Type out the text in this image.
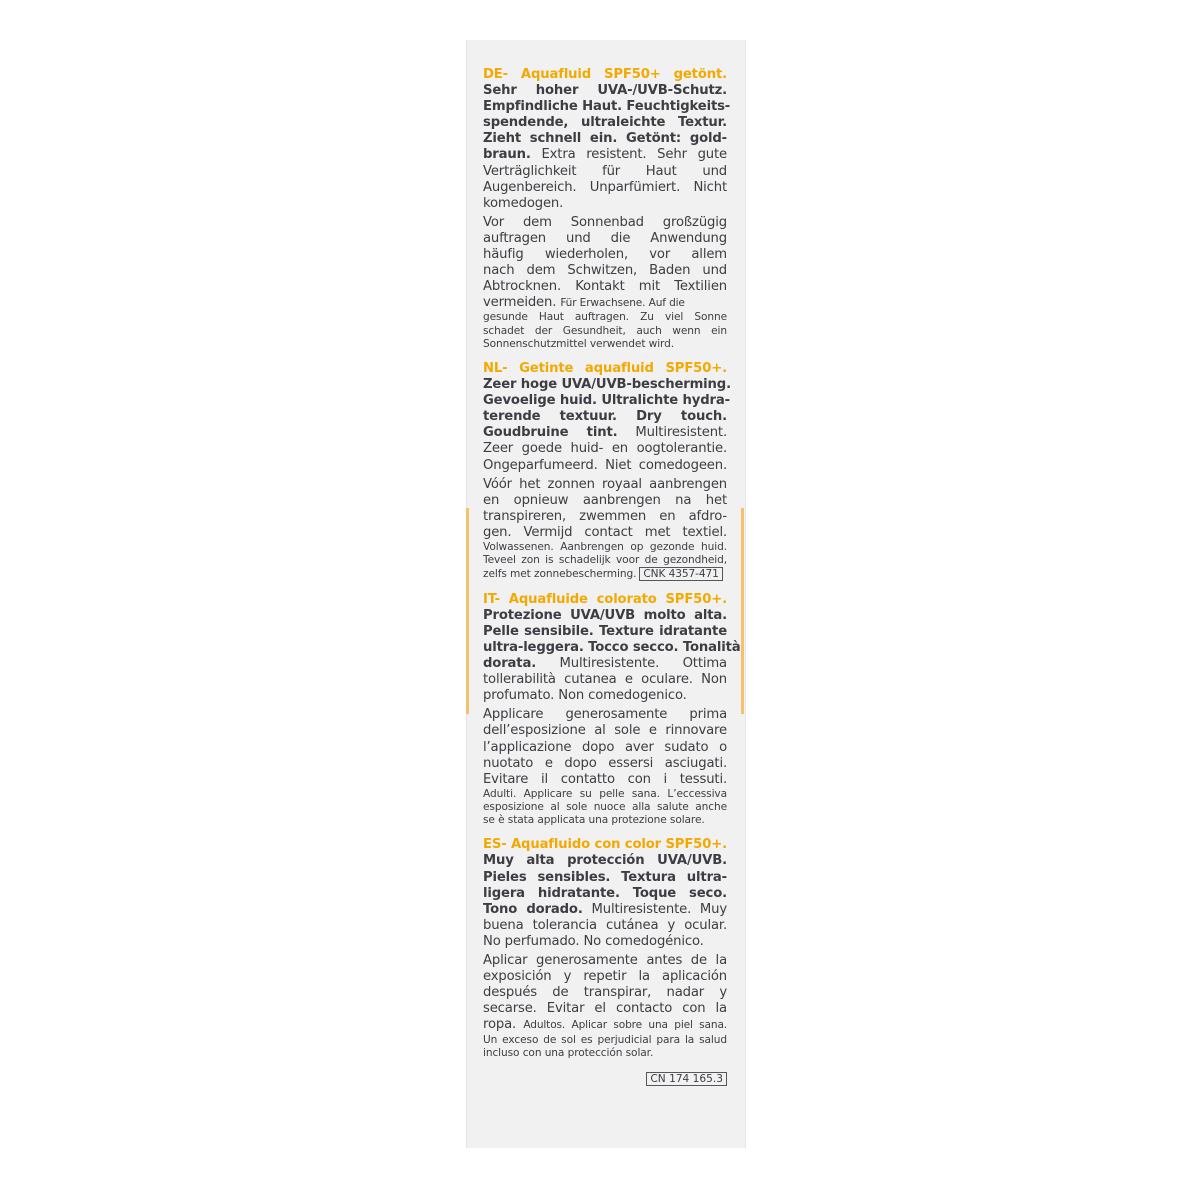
DE- Aquafluid SPF50+ getönt.
Sehr hoher UVA-/UVB-Schutz.
Empfindliche Haut. Feuchtigkeits-
spendende, ultraleichte Textur.
Zieht schnell ein. Getönt: gold-
braun. Extra resistent. Sehr gute
Verträglichkeit für Haut und
Augenbereich. Unparfümiert. Nicht
komedogen.
Vor dem Sonnenbad großzügig
auftragen und die Anwendung
häufig wiederholen, vor allem
nach dem Schwitzen, Baden und
Abtrocknen. Kontakt mit Textilien
vermeiden. Für Erwachsene. Auf die
gesunde Haut auftragen. Zu viel Sonne
schadet der Gesundheit, auch wenn ein
Sonnenschutzmittel verwendet wird.
NL- Getinte aquafluid SPF50+.
Zeer hoge UVA/UVB-bescherming.
Gevoelige huid. Ultralichte hydra-
terende textuur. Dry touch.
Goudbruine tint. Multiresistent.
Zeer goede huid- en oogtolerantie.
Ongeparfumeerd. Niet comedogeen.
Vóór het zonnen royaal aanbrengen
en opnieuw aanbrengen na het
transpireren, zwemmen en afdro-
gen. Vermijd contact met textiel.
Volwassenen. Aanbrengen op gezonde huid.
Teveel zon is schadelijk voor de gezondheid,
zelfs met zonnebescherming. CNK 4357-471
IT- Aquafluide colorato SPF50+.
Protezione UVA/UVB molto alta.
Pelle sensibile. Texture idratante
ultra-leggera. Tocco secco. Tonalità
dorata. Multiresistente. Ottima
tollerabilità cutanea e oculare. Non
profumato. Non comedogenico.
Applicare generosamente prima
dell’esposizione al sole e rinnovare
l’applicazione dopo aver sudato o
nuotato e dopo essersi asciugati.
Evitare il contatto con i tessuti.
Adulti. Applicare su pelle sana. L’eccessiva
esposizione al sole nuoce alla salute anche
se è stata applicata una protezione solare.
ES- Aquafluido con color SPF50+.
Muy alta protección UVA/UVB.
Pieles sensibles. Textura ultra-
ligera hidratante. Toque seco.
Tono dorado. Multiresistente. Muy
buena tolerancia cutánea y ocular.
No perfumado. No comedogénico.
Aplicar generosamente antes de la
exposición y repetir la aplicación
después de transpirar, nadar y
secarse. Evitar el contacto con la
ropa. Adultos. Aplicar sobre una piel sana.
Un exceso de sol es perjudicial para la salud
incluso con una protección solar.
CN 174 165.3
